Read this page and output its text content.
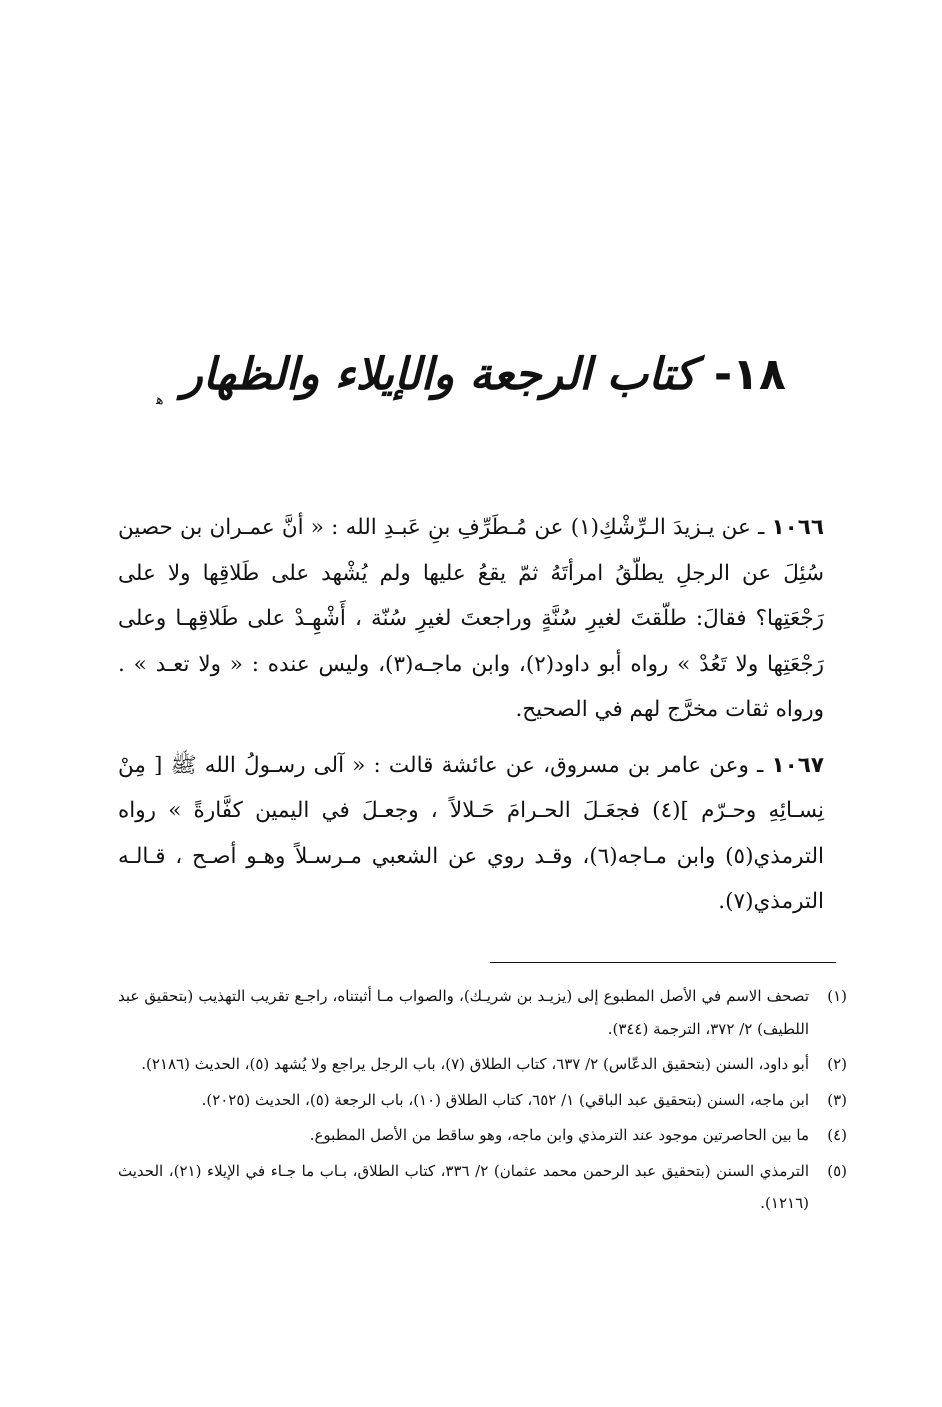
١٨-
كتاب الرجعة والإيلاء والظهار
ﻫ

١٠٦٦ ـ عن يـزيدَ الـرِّشْكِ(١) عن مُـطَرِّفِ بنِ عَبـدِ الله : « أنَّ عمـران بن حصين سُئِلَ عن الرجلِ يطلّقُ امرأتَهُ ثمّ يقعُ عليها ولم يُشْهد على طَلاقِها ولا على رَجْعَتِها؟ فقالَ: طلّقتَ لغيرِ سُنَّةٍ وراجعتَ لغيرِ سُنّة ، أَشْهِـدْ على طَلاقِهـا وعلى رَجْعَتِها ولا تَعُدْ » رواه أبو داود(٢)، وابن ماجـه(٣)، وليس عنده : « ولا تعـد » . ورواه ثقات مخرَّج لهم في الصحيح.

١٠٦٧ ـ وعن عامر بن مسروق، عن عائشة قالت : « آلى رسـولُ الله ﷺ [ مِنْ نِسـائِهِ وحـرّم ](٤) فجعَـلَ الحـرامَ حَـلالاً ، وجعـلَ في اليمين كفَّارةً » رواه الترمذي(٥) وابن مـاجه(٦)، وقـد روي عن الشعبي مـرسـلاً وهـو أصـح ، قـالـه الترمذي(٧).

(١)
تصحف الاسم في الأصل المطبوع إلى (يزيـد بن شريـك)، والصواب مـا أثبتناه، راجـع تقريب التهذيب (بتحقيق عبد اللطيف) ٢/ ٣٧٢، الترجمة (٣٤٤).
(٢)
أبو داود، السنن (بتحقيق الدعّاس) ٢/ ٦٣٧، كتاب الطلاق (٧)، باب الرجل يراجع ولا يُشهد (٥)، الحديث (٢١٨٦).
(٣)
ابن ماجه، السنن (بتحقيق عبد الباقي) ١/ ٦٥٢، كتاب الطلاق (١٠)، باب الرجعة (٥)، الحديث (٢٠٢٥).
(٤)
ما بين الحاصرتين موجود عند الترمذي وابن ماجه، وهو ساقط من الأصل المطبوع.
(٥)
الترمذي السنن (بتحقيق عبد الرحمن محمد عثمان) ٢/ ٣٣٦، كتاب الطلاق، بـاب ما جـاء في الإيلاء (٢١)، الحديث (١٢١٦).
